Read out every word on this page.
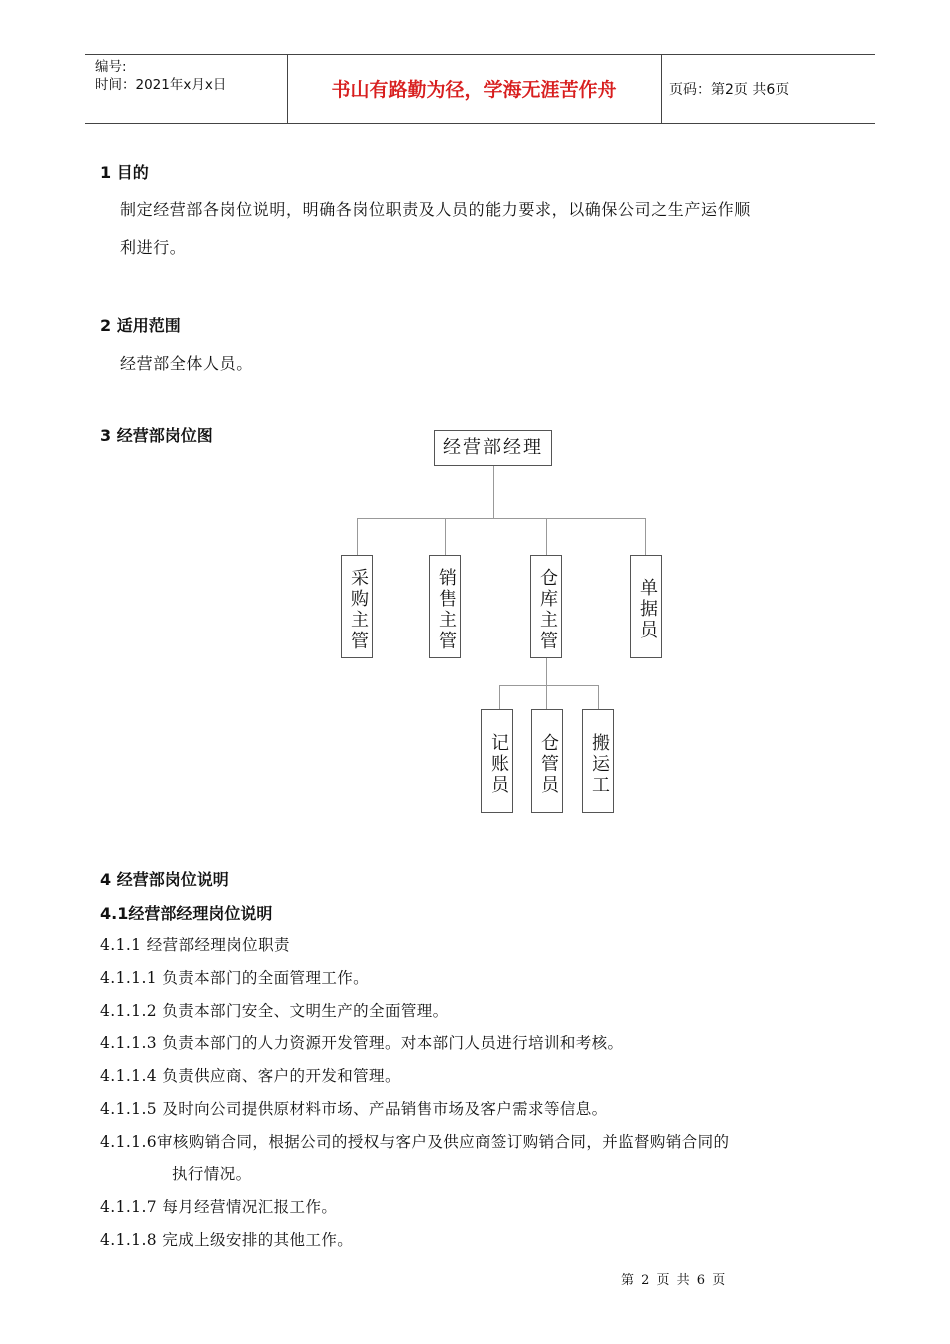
编号:
时间：2021年x月x日	书山有路勤为径，学海无涯苦作舟	页码：第2页 共6页
1 目的
制定经营部各岗位说明，明确各岗位职责及人员的能力要求，以确保公司之生产运作顺
利进行。
2 适用范围
经营部全体人员。
3 经营部岗位图
经营部经理
采购主管	销售主管	仓库主管	单据员
记账员	仓管员	搬运工
4 经营部岗位说明
4.1经营部经理岗位说明
4.1.1 经营部经理岗位职责
4.1.1.1 负责本部门的全面管理工作。
4.1.1.2 负责本部门安全、文明生产的全面管理。
4.1.1.3 负责本部门的人力资源开发管理。对本部门人员进行培训和考核。
4.1.1.4 负责供应商、客户的开发和管理。
4.1.1.5 及时向公司提供原材料市场、产品销售市场及客户需求等信息。
4.1.1.6审核购销合同，根据公司的授权与客户及供应商签订购销合同，并监督购销合同的
执行情况。
4.1.1.7 每月经营情况汇报工作。
4.1.1.8 完成上级安排的其他工作。
第 2 页 共 6 页
